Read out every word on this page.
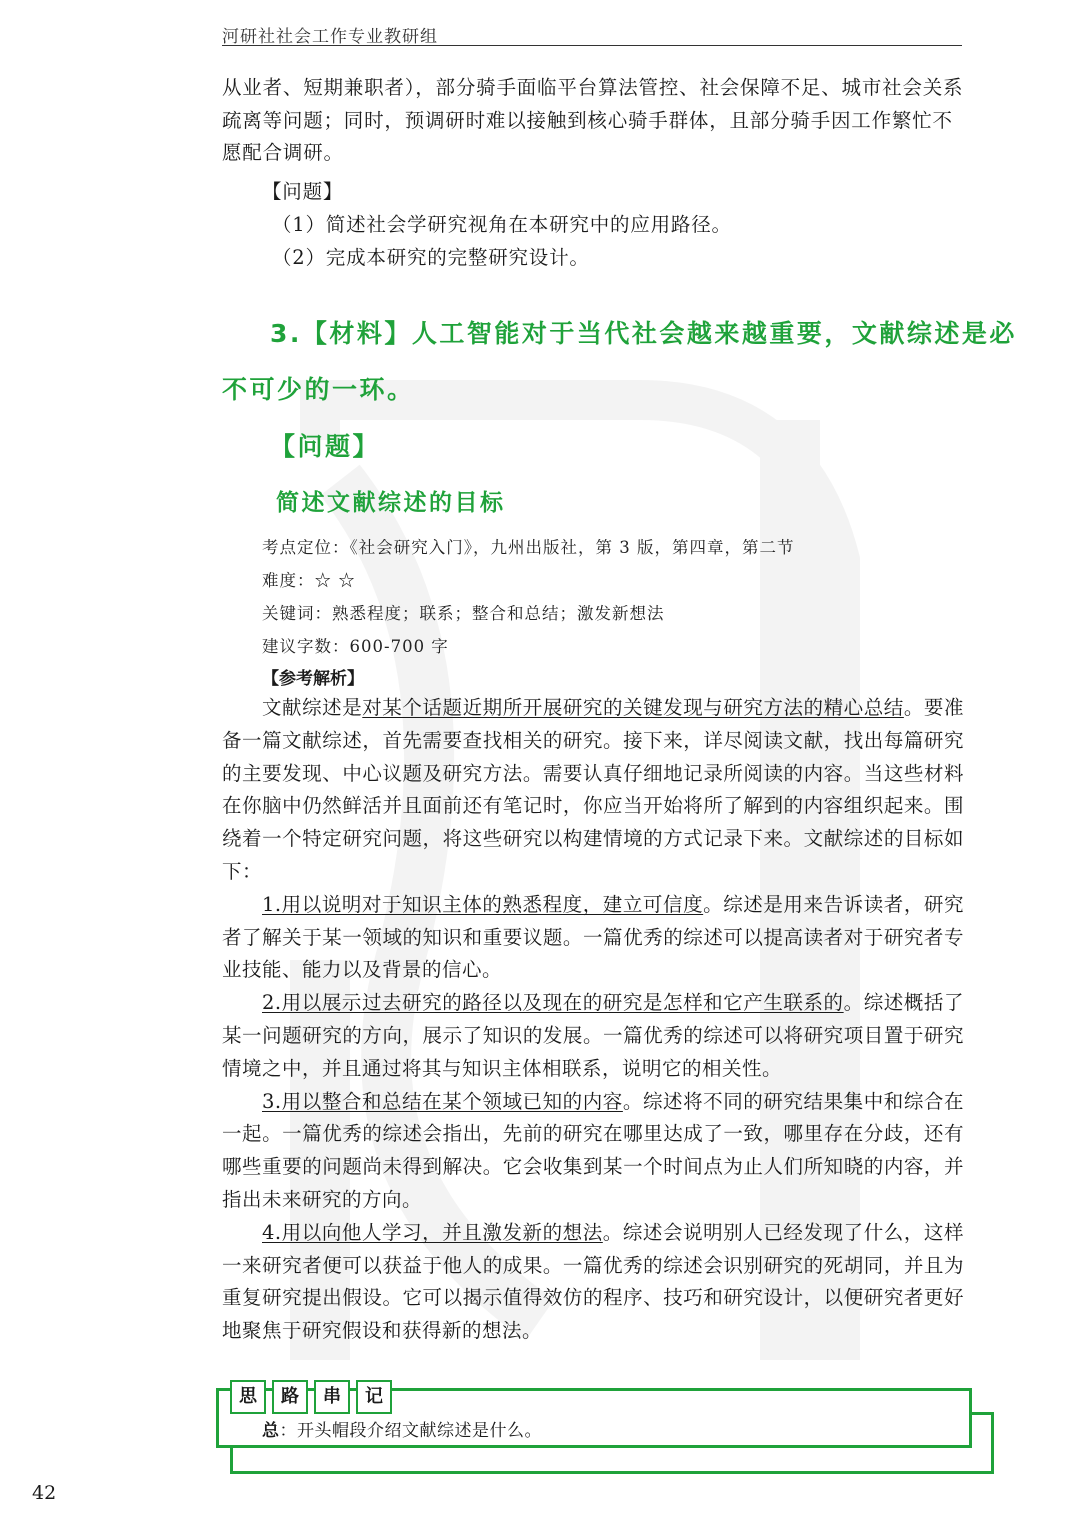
河研社社会工作专业教研组
从业者、短期兼职者），部分骑手面临平台算法管控、社会保障不足、城市社会关系疏离等问题；同时，预调研时难以接触到核心骑手群体，且部分骑手因工作繁忙不愿配合调研。
【问题】
（1）简述社会学研究视角在本研究中的应用路径。
（2）完成本研究的完整研究设计。
3.【材料】人工智能对于当代社会越来越重要，文献综述是必
不可少的一环。
【问题】
简述文献综述的目标
考点定位：《社会研究入门》，九州出版社，第 3 版，第四章，第二节
难度：☆ ☆
关键词：熟悉程度；联系；整合和总结；激发新想法
建议字数：600-700 字
【参考解析】

文献综述是对某个话题近期所开展研究的关键发现与研究方法的精心总结。要准备一篇文献综述，首先需要查找相关的研究。接下来，详尽阅读文献，找出每篇研究的主要发现、中心议题及研究方法。需要认真仔细地记录所阅读的内容。当这些材料在你脑中仍然鲜活并且面前还有笔记时，你应当开始将所了解到的内容组织起来。围绕着一个特定研究问题，将这些研究以构建情境的方式记录下来。文献综述的目标如下：

1.用以说明对于知识主体的熟悉程度，建立可信度。综述是用来告诉读者，研究者了解关于某一领域的知识和重要议题。一篇优秀的综述可以提高读者对于研究者专业技能、能力以及背景的信心。

2.用以展示过去研究的路径以及现在的研究是怎样和它产生联系的。综述概括了某一问题研究的方向，展示了知识的发展。一篇优秀的综述可以将研究项目置于研究情境之中，并且通过将其与知识主体相联系，说明它的相关性。

3.用以整合和总结在某个领域已知的内容。综述将不同的研究结果集中和综合在一起。一篇优秀的综述会指出，先前的研究在哪里达成了一致，哪里存在分歧，还有哪些重要的问题尚未得到解决。它会收集到某一个时间点为止人们所知晓的内容，并指出未来研究的方向。

4.用以向他人学习，并且激发新的想法。综述会说明别人已经发现了什么，这样一来研究者便可以获益于他人的成果。一篇优秀的综述会识别研究的死胡同，并且为重复研究提出假设。它可以揭示值得效仿的程序、技巧和研究设计，以便研究者更好地聚焦于研究假设和获得新的想法。

思	路	串	记
总：开头帽段介绍文献综述是什么。
42
